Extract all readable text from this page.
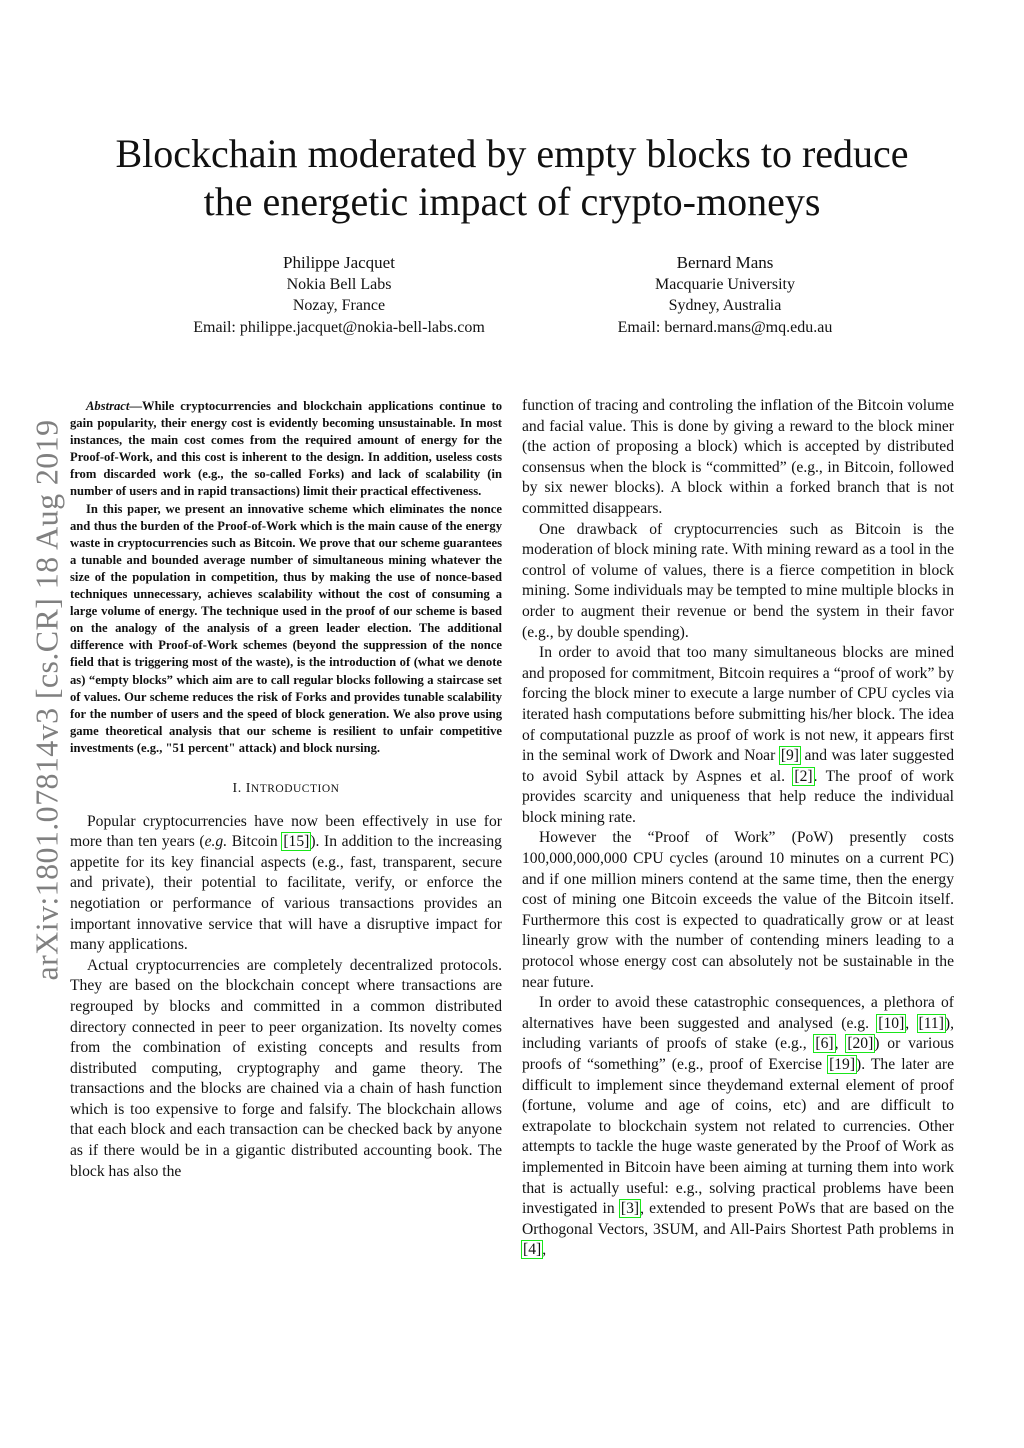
Blockchain moderated by empty blocks to reduce
the energetic impact of crypto-moneys
Philippe Jacquet
Nokia Bell Labs
Nozay, France
Email: philippe.jacquet@nokia-bell-labs.com
Bernard Mans
Macquarie University
Sydney, Australia
Email: bernard.mans@mq.edu.au
arXiv:1801.07814v3 [cs.CR] 18 Aug 2019

Abstract—While cryptocurrencies and blockchain applications continue to gain popularity, their energy cost is evidently becoming unsustainable. In most instances, the main cost comes from the required amount of energy for the Proof-of-Work, and this cost is inherent to the design. In addition, useless costs from discarded work (e.g., the so-called Forks) and lack of scalability (in number of users and in rapid transactions) limit their practical effectiveness.

In this paper, we present an innovative scheme which eliminates the nonce and thus the burden of the Proof-of-Work which is the main cause of the energy waste in cryptocurrencies such as Bitcoin. We prove that our scheme guarantees a tunable and bounded average number of simultaneous mining whatever the size of the population in competition, thus by making the use of nonce-based techniques unnecessary, achieves scalability without the cost of consuming a large volume of energy. The technique used in the proof of our scheme is based on the analogy of the analysis of a green leader election. The additional difference with Proof-of-Work schemes (beyond the suppression of the nonce field that is triggering most of the waste), is the introduction of (what we denote as) “empty blocks” which aim are to call regular blocks following a staircase set of values. Our scheme reduces the risk of Forks and provides tunable scalability for the number of users and the speed of block generation. We also prove using game theoretical analysis that our scheme is resilient to unfair competitive investments (e.g., "51 percent" attack) and block nursing.

I. INTRODUCTION

Popular cryptocurrencies have now been effectively in use for more than ten years (e.g. Bitcoin [15]). In addition to the increasing appetite for its key financial aspects (e.g., fast, transparent, secure and private), their potential to facilitate, verify, or enforce the negotiation or performance of various transactions provides an important innovative service that will have a disruptive impact for many applications.

Actual cryptocurrencies are completely decentralized protocols. They are based on the blockchain concept where transactions are regrouped by blocks and committed in a common distributed directory connected in peer to peer organization. Its novelty comes from the combination of existing concepts and results from distributed computing, cryptography and game theory. The transactions and the blocks are chained via a chain of hash function which is too expensive to forge and falsify. The blockchain allows that each block and each transaction can be checked back by anyone as if there would be in a gigantic distributed accounting book. The block has also the

function of tracing and controling the inflation of the Bitcoin volume and facial value. This is done by giving a reward to the block miner (the action of proposing a block) which is accepted by distributed consensus when the block is “committed” (e.g., in Bitcoin, followed by six newer blocks). A block within a forked branch that is not committed disappears.

One drawback of cryptocurrencies such as Bitcoin is the moderation of block mining rate. With mining reward as a tool in the control of volume of values, there is a fierce competition in block mining. Some individuals may be tempted to mine multiple blocks in order to augment their revenue or bend the system in their favor (e.g., by double spending).

In order to avoid that too many simultaneous blocks are mined and proposed for commitment, Bitcoin requires a “proof of work” by forcing the block miner to execute a large number of CPU cycles via iterated hash computations before submitting his/her block. The idea of computational puzzle as proof of work is not new, it appears first in the seminal work of Dwork and Noar [9] and was later suggested to avoid Sybil attack by Aspnes et al. [2]. The proof of work provides scarcity and uniqueness that help reduce the individual block mining rate.

However the “Proof of Work” (PoW) presently costs 100,000,000,000 CPU cycles (around 10 minutes on a current PC) and if one million miners contend at the same time, then the energy cost of mining one Bitcoin exceeds the value of the Bitcoin itself. Furthermore this cost is expected to quadratically grow or at least linearly grow with the number of contending miners leading to a protocol whose energy cost can absolutely not be sustainable in the near future.

In order to avoid these catastrophic consequences, a plethora of alternatives have been suggested and analysed (e.g. [10], [11]), including variants of proofs of stake (e.g., [6], [20]) or various proofs of “something” (e.g., proof of Exercise [19]). The later are difficult to implement since theydemand external element of proof (fortune, volume and age of coins, etc) and are difficult to extrapolate to blockchain system not related to currencies. Other attempts to tackle the huge waste generated by the Proof of Work as implemented in Bitcoin have been aiming at turning them into work that is actually useful: e.g., solving practical problems have been investigated in [3], extended to present PoWs that are based on the Orthogonal Vectors, 3SUM, and All-Pairs Shortest Path problems in [4],
